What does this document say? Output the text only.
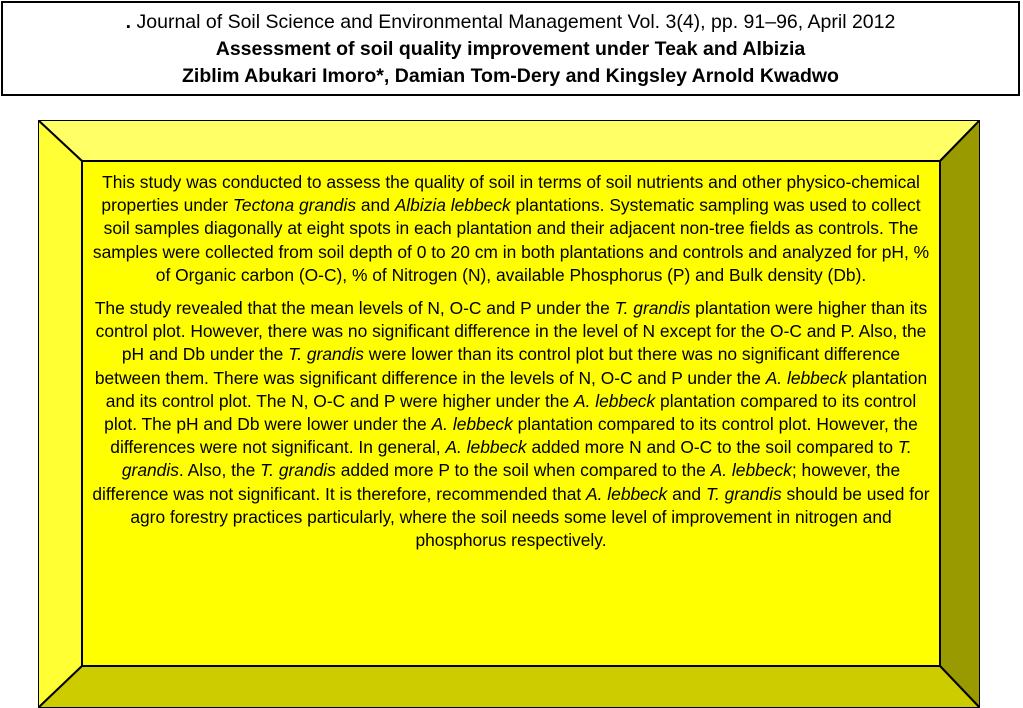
. Journal of Soil Science and Environmental Management Vol. 3(4), pp. 91–96, April 2012
Assessment of soil quality improvement under Teak and Albizia
Ziblim Abukari Imoro*, Damian Tom-Dery and Kingsley Arnold Kwadwo

This study was conducted to assess the quality of soil in terms of soil nutrients and other physico-chemical properties under Tectona grandis and Albizia lebbeck plantations. Systematic sampling was used to collect soil samples diagonally at eight spots in each plantation and their adjacent non-tree fields as controls. The samples were collected from soil depth of 0 to 20 cm in both plantations and controls and analyzed for pH, % of Organic carbon (O-C), % of Nitrogen (N), available Phosphorus (P) and Bulk density (Db).

The study revealed that the mean levels of N, O-C and P under the T. grandis plantation were higher than its control plot. However, there was no significant difference in the level of N except for the O-C and P. Also, the pH and Db under the T. grandis were lower than its control plot but there was no significant difference between them. There was significant difference in the levels of N, O-C and P under the A. lebbeck plantation and its control plot. The N, O-C and P were higher under the A. lebbeck plantation compared to its control plot. The pH and Db were lower under the A. lebbeck plantation compared to its control plot. However, the differences were not significant. In general, A. lebbeck added more N and O-C to the soil compared to T. grandis. Also, the T. grandis added more P to the soil when compared to the A. lebbeck; however, the difference was not significant. It is therefore, recommended that A. lebbeck and T. grandis should be used for agro forestry practices particularly, where the soil needs some level of improvement in nitrogen and phosphorus respectively.
